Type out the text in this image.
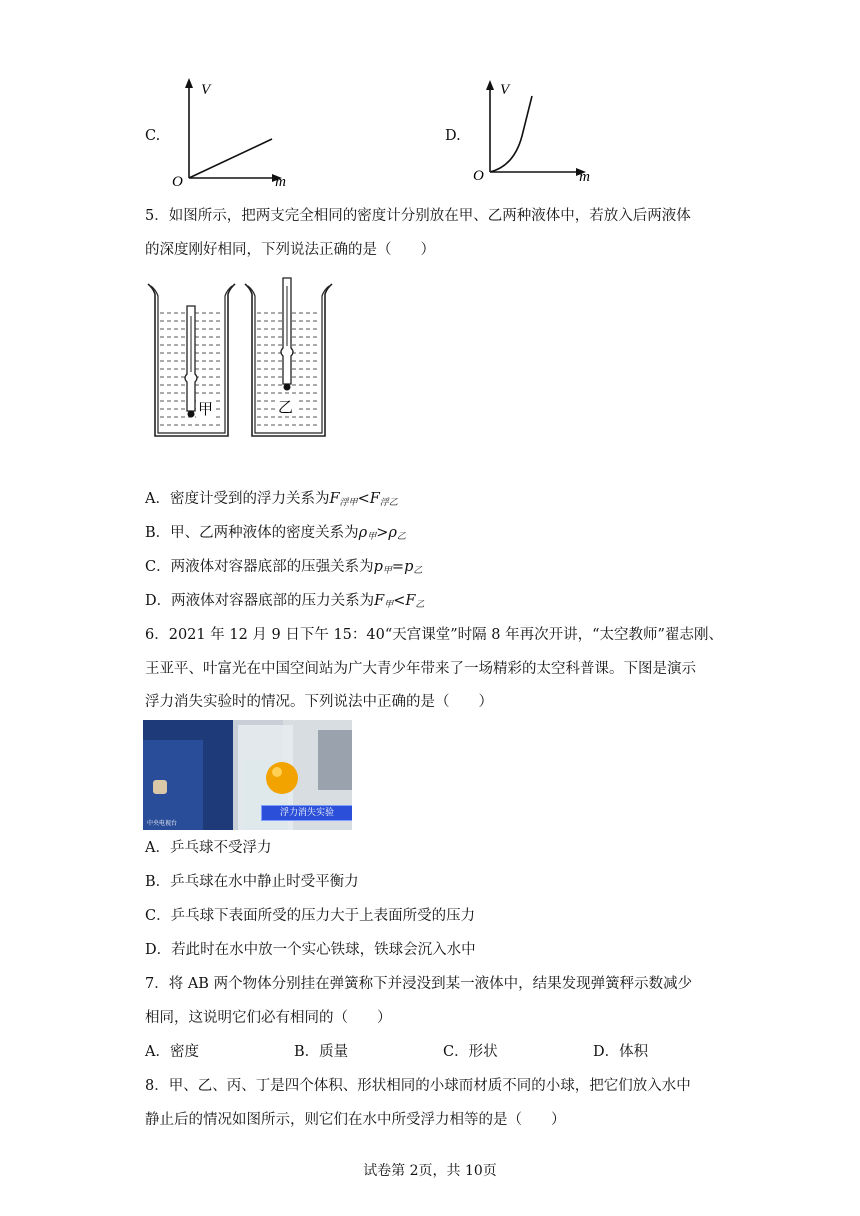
C.
V
O	m
D.
V
O	m
5．如图所示，把两支完全相同的密度计分别放在甲、乙两种液体中，若放入后两液体
的深度刚好相同，下列说法正确的是（　　）
甲	乙
A．密度计受到的浮力关系为$F_{浮甲}<F_{浮乙}$
B．甲、乙两种液体的密度关系为$\rho_甲>\rho_乙$
C．两液体对容器底部的压强关系为$p_甲=p_乙$
D．两液体对容器底部的压力关系为$F_甲<F_乙$
6．2021 年 12 月 9 日下午 15：40“天宫课堂”时隔 8 年再次开讲，“太空教师”翟志刚、
王亚平、叶富光在中国空间站为广大青少年带来了一场精彩的太空科普课。下图是演示
浮力消失实验时的情况。下列说法中正确的是（　　）
浮力消失实验
中央电视台
A．乒乓球不受浮力
B．乒乓球在水中静止时受平衡力
C．乒乓球下表面所受的压力大于上表面所受的压力
D．若此时在水中放一个实心铁球，铁球会沉入水中
7．将 AB 两个物体分别挂在弹簧称下并浸没到某一液体中，结果发现弹簧秤示数减少
相同，这说明它们必有相同的（　　）
A．密度	B．质量	C．形状	D．体积
8．甲、乙、丙、丁是四个体积、形状相同的小球而材质不同的小球，把它们放入水中
静止后的情况如图所示，则它们在水中所受浮力相等的是（　　）
试卷第 2页，共 10页
